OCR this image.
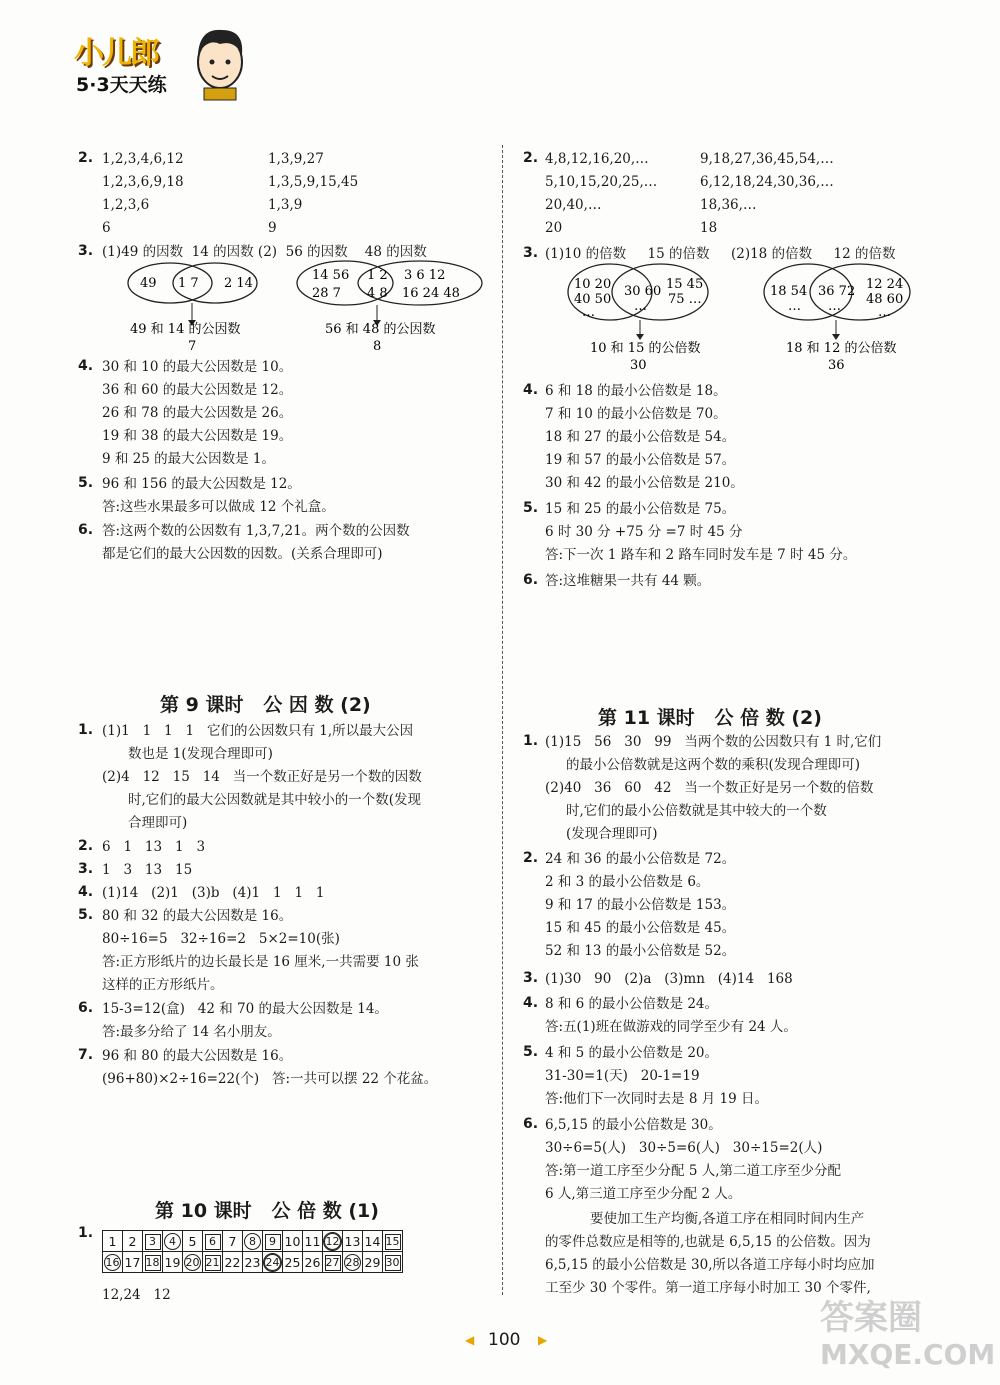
小儿郎
5·3天天练
2. 1,2,3,4,6,12	1,3,9,27
1,2,3,6,9,18	1,3,5,9,15,45
1,2,3,6	1,3,9
6	9
3. (1)49 的因数  14 的因数 (2)  56 的因数    48 的因数
49 1 7 2 14
49 和 14 的公因数
7
14 56
28 7
1 2
4 8
3 6 12
16 24 48
56 和 48 的公因数
8
4. 30 和 10 的最大公因数是 10。
36 和 60 的最大公因数是 12。
26 和 78 的最大公因数是 26。
19 和 38 的最大公因数是 19。
9 和 25 的最大公因数是 1。
5. 96 和 156 的最大公因数是 12。
答:这些水果最多可以做成 12 个礼盒。
6. 答:这两个数的公因数有 1,3,7,21。两个数的公因数
都是它们的最大公因数的因数。(关系合理即可)
第 9 课时   公 因 数 (2)
1. (1)1   1   1   1   它们的公因数只有 1,所以最大公因
数也是 1(发现合理即可)
(2)4   12   15   14   当一个数正好是另一个数的因数
时,它们的最大公因数就是其中较小的一个数(发现
合理即可)
2. 6   1   13   1   3
3. 1   3   13   15
4. (1)14   (2)1   (3)b   (4)1   1   1   1
5. 80 和 32 的最大公因数是 16。
80÷16=5   32÷16=2   5×2=10(张)
答:正方形纸片的边长最长是 16 厘米,一共需要 10 张
这样的正方形纸片。
6. 15-3=12(盒)   42 和 70 的最大公因数是 14。
答:最多分给了 14 名小朋友。
7. 96 和 80 的最大公因数是 16。
(96+80)×2÷16=22(个)   答:一共可以摆 22 个花盆。
第 10 课时   公 倍 数 (1)
1. 1	2	3	4	5	6	7	8	9	10	11	12	13	14	15
16	17	18	19	20	21	22	23	24	25	26	27	28	29	30
12,24   12
2. 4,8,12,16,20,…	9,18,27,36,45,54,…
5,10,15,20,25,…	6,12,18,24,30,36,…
20,40,…	18,36,…
20	18
3. (1)10 的倍数     15 的倍数     (2)18 的倍数     12 的倍数
10 20
40 50
…
30 60
…
15 45
75 …
10 和 15 的公倍数
30
18 54
…
36 72
…
12 24
48 60
…
18 和 12 的公倍数
36
4. 6 和 18 的最小公倍数是 18。
7 和 10 的最小公倍数是 70。
18 和 27 的最小公倍数是 54。
19 和 57 的最小公倍数是 57。
30 和 42 的最小公倍数是 210。
5. 15 和 25 的最小公倍数是 75。
6 时 30 分 +75 分 =7 时 45 分
答:下一次 1 路车和 2 路车同时发车是 7 时 45 分。
6. 答:这堆糖果一共有 44 颗。
第 11 课时   公 倍 数 (2)
1. (1)15   56   30   99   当两个数的公因数只有 1 时,它们
的最小公倍数就是这两个数的乘积(发现合理即可)
(2)40   36   60   42   当一个数正好是另一个数的倍数
时,它们的最小公倍数就是其中较大的一个数
(发现合理即可)
2. 24 和 36 的最小公倍数是 72。
2 和 3 的最小公倍数是 6。
9 和 17 的最小公倍数是 153。
15 和 45 的最小公倍数是 45。
52 和 13 的最小公倍数是 52。
3. (1)30   90   (2)a   (3)mn   (4)14   168
4. 8 和 6 的最小公倍数是 24。
答:五(1)班在做游戏的同学至少有 24 人。
5. 4 和 5 的最小公倍数是 20。
31-30=1(天)   20-1=19
答:他们下一次同时去是 8 月 19 日。
6. 6,5,15 的最小公倍数是 30。
30÷6=5(人)   30÷5=6(人)   30÷15=2(人)
答:第一道工序至少分配 5 人,第二道工序至少分配
6 人,第三道工序至少分配 2 人。
要使加工生产均衡,各道工序在相同时间内生产
的零件总数应是相等的,也就是 6,5,15 的公倍数。因为
6,5,15 的最小公倍数是 30,所以各道工序每小时均应加
工至少 30 个零件。第一道工序每小时加工 30 个零件,
◀ 100 ▶
答案圈
MXQE.COM
